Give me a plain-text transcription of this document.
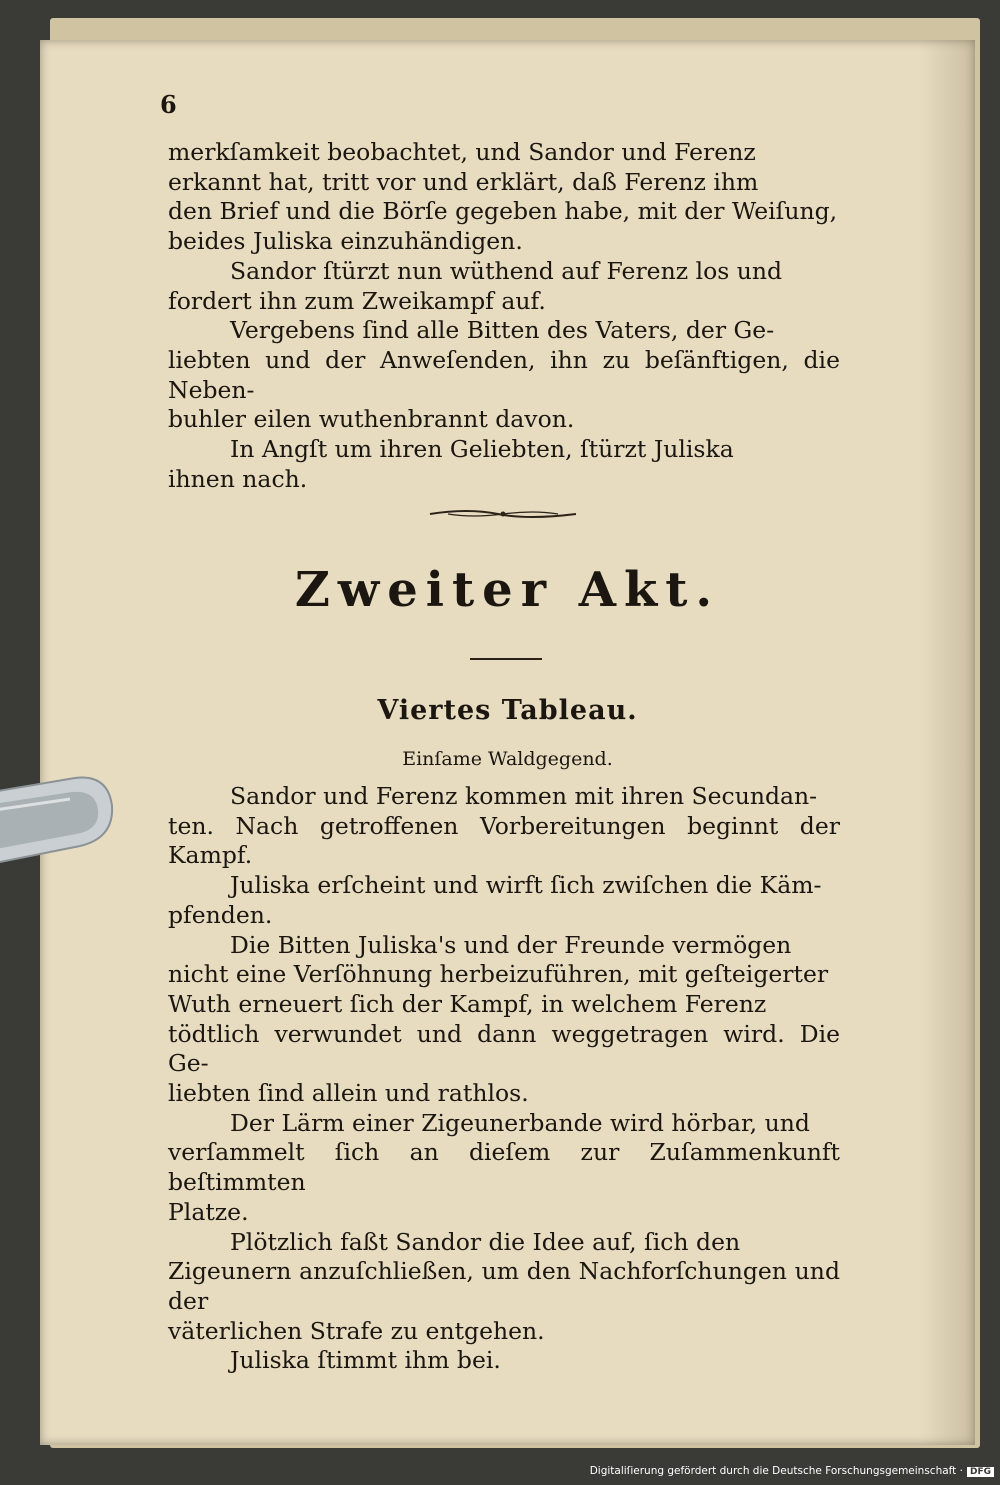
6

merkſamkeit beobachtet, und Sandor und Ferenz
erkannt hat, tritt vor und erklärt, daß Ferenz ihm
den Brief und die Börſe gegeben habe, mit der Weiſung,
beides Juliska einzuhändigen.

Sandor ſtürzt nun wüthend auf Ferenz los und
fordert ihn zum Zweikampf auf.

Vergebens ſind alle Bitten des Vaters, der Ge-
liebten und der Anweſenden, ihn zu beſänftigen, die Neben-
buhler eilen wuthenbrannt davon.

In Angſt um ihren Geliebten, ſtürzt Juliska
ihnen nach.

Zweiter Akt.
Viertes Tableau.
Einſame Waldgegend.

Sandor und Ferenz kommen mit ihren Secundan-
ten. Nach getroffenen Vorbereitungen beginnt der Kampf.

Juliska erſcheint und wirft ſich zwiſchen die Käm-
pfenden.

Die Bitten Juliska's und der Freunde vermögen
nicht eine Verſöhnung herbeizuführen, mit geſteigerter
Wuth erneuert ſich der Kampf, in welchem Ferenz
tödtlich verwundet und dann weggetragen wird. Die Ge-
liebten ſind allein und rathlos.

Der Lärm einer Zigeunerbande wird hörbar, und
verſammelt ſich an dieſem zur Zuſammenkunft beſtimmten
Platze.

Plötzlich faßt Sandor die Idee auf, ſich den
Zigeunern anzuſchließen, um den Nachforſchungen und der
väterlichen Strafe zu entgehen.

Juliska ſtimmt ihm bei.

Digitaliſierung gefördert durch die Deutsche Forschungsgemeinschaft · DFG
